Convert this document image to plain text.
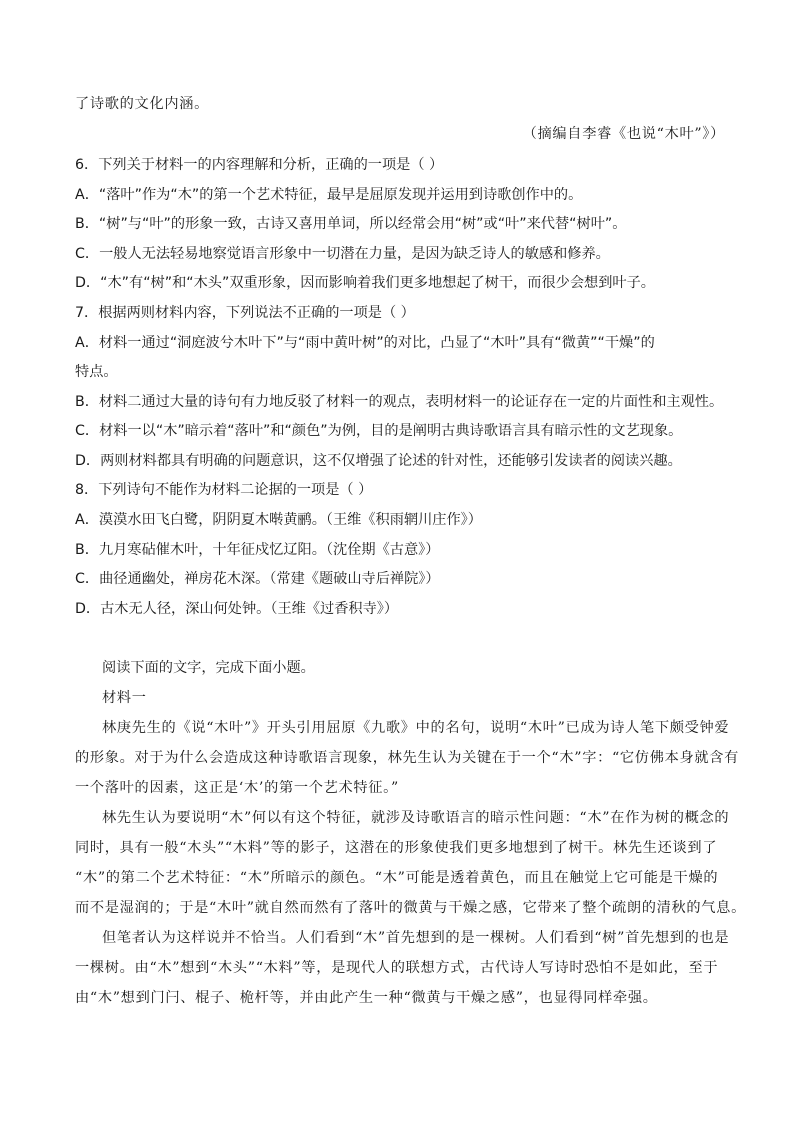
了诗歌的文化内涵。
（摘编自李睿《也说“木叶”》）
6．下列关于材料一的内容理解和分析，正确的一项是（ ）
A．“落叶”作为“木”的第一个艺术特征，最早是屈原发现并运用到诗歌创作中的。
B．“树”与“叶”的形象一致，古诗又喜用单词，所以经常会用“树”或“叶”来代替“树叶”。
C．一般人无法轻易地察觉语言形象中一切潜在力量，是因为缺乏诗人的敏感和修养。
D．“木”有“树”和“木头”双重形象，因而影响着我们更多地想起了树干，而很少会想到叶子。
7．根据两则材料内容，下列说法不正确的一项是（ ）
A．材料一通过“洞庭波兮木叶下”与“雨中黄叶树”的对比，凸显了“木叶”具有“微黄”“干燥”的
特点。
B．材料二通过大量的诗句有力地反驳了材料一的观点，表明材料一的论证存在一定的片面性和主观性。
C．材料一以“木”暗示着“落叶”和“颜色”为例，目的是阐明古典诗歌语言具有暗示性的文艺现象。
D．两则材料都具有明确的问题意识，这不仅增强了论述的针对性，还能够引发读者的阅读兴趣。
8．下列诗句不能作为材料二论据的一项是（ ）
A．漠漠水田飞白鹭，阴阴夏木啭黄鹂。（王维《积雨辋川庄作》）
B．九月寒砧催木叶，十年征戍忆辽阳。（沈佺期《古意》）
C．曲径通幽处，禅房花木深。（常建《题破山寺后禅院》）
D．古木无人径，深山何处钟。（王维《过香积寺》）
阅读下面的文字，完成下面小题。
材料一
林庚先生的《说“木叶”》开头引用屈原《九歌》中的名句，说明“木叶”已成为诗人笔下颇受钟爱
的形象。对于为什么会造成这种诗歌语言现象，林先生认为关键在于一个“木”字：“它仿佛本身就含有
一个落叶的因素，这正是‘木’的第一个艺术特征。”
林先生认为要说明“木”何以有这个特征，就涉及诗歌语言的暗示性问题：“木”在作为树的概念的
同时，具有一般“木头”“木料”等的影子，这潜在的形象使我们更多地想到了树干。林先生还谈到了
“木”的第二个艺术特征：“木”所暗示的颜色。“木”可能是透着黄色，而且在触觉上它可能是干燥的
而不是湿润的；于是“木叶”就自然而然有了落叶的微黄与干燥之感，它带来了整个疏朗的清秋的气息。
但笔者认为这样说并不恰当。人们看到“木”首先想到的是一棵树。人们看到“树”首先想到的也是
一棵树。由“木”想到“木头”“木料”等，是现代人的联想方式，古代诗人写诗时恐怕不是如此，至于
由“木”想到门闩、棍子、桅杆等，并由此产生一种“微黄与干燥之感”，也显得同样牵强。
